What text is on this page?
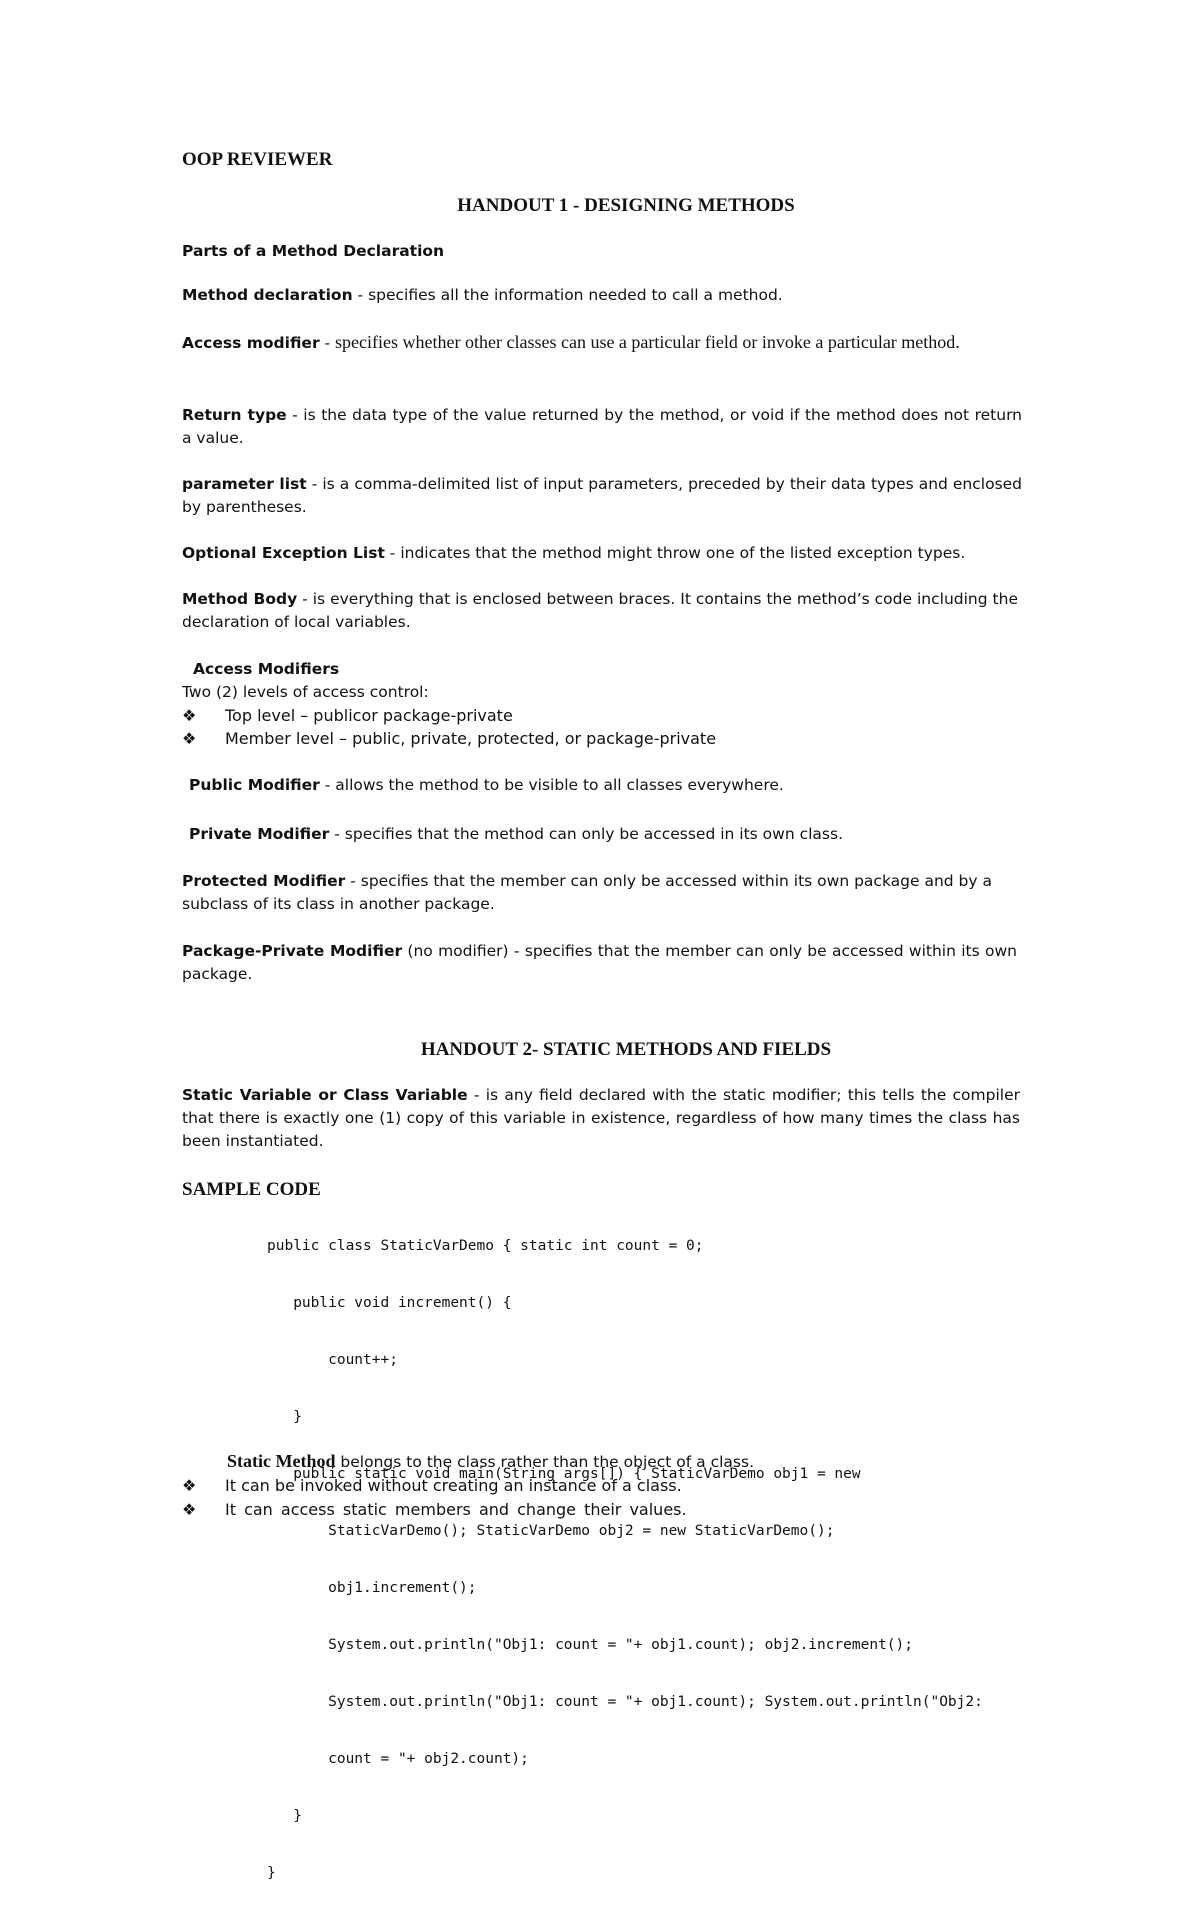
OOP REVIEWER
HANDOUT 1 - DESIGNING METHODS
Parts of a Method Declaration
Method declaration - specifies all the information needed to call a method.
Access modifier - specifies whether other classes can use a particular field or invoke a particular method.
Return type - is the data type of the value returned by the method, or void if the method does not return a value.
parameter list - is a comma-delimited list of input parameters, preceded by their data types and enclosed by parentheses.
Optional Exception List - indicates that the method might throw one of the listed exception types.
Method Body - is everything that is enclosed between braces. It contains the method’s code including the declaration of local variables.
Access Modifiers
Two (2) levels of access control:
❖ Top level – publicor package-private
❖ Member level – public, private, protected, or package-private
Public Modifier - allows the method to be visible to all classes everywhere.
Private Modifier - specifies that the method can only be accessed in its own class.
Protected Modifier - specifies that the member can only be accessed within its own package and by a subclass of its class in another package.
Package-Private Modifier (no modifier) - specifies that the member can only be accessed within its own package.
HANDOUT 2- STATIC METHODS AND FIELDS
Static Variable or Class Variable - is any field declared with the static modifier; this tells the compiler that there is exactly one (1) copy of this variable in existence, regardless of how many times the class has been instantiated.
SAMPLE CODE

public class StaticVarDemo { static int count = 0;

public void increment() {

count++;

}

public static void main(String args[]) { StaticVarDemo obj1 = new

StaticVarDemo(); StaticVarDemo obj2 = new StaticVarDemo();

obj1.increment();

System.out.println("Obj1: count = "+ obj1.count); obj2.increment();

System.out.println("Obj1: count = "+ obj1.count); System.out.println("Obj2:

count = "+ obj2.count);

}

}

Static Method belongs to the class rather than the object of a class.
❖ It can be invoked without creating an instance of a class.
❖ It can access static members and change their values.
